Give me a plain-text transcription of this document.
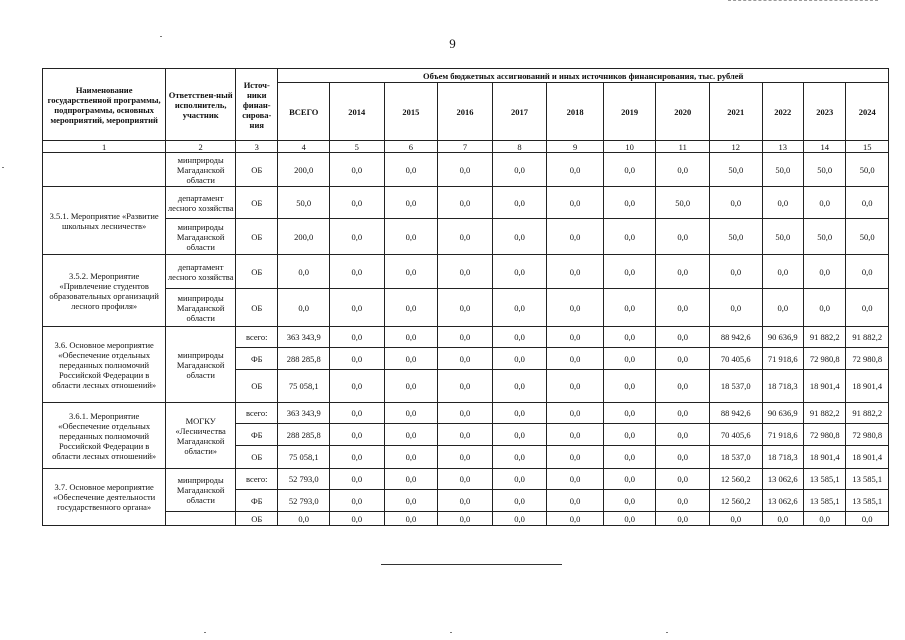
9
Наименование государственной программы, подпрограммы, основных мероприятий, мероприятий	Ответствен-ный исполнитель, участник	Источ-ники финан-сирова-ния	Объем бюджетных ассигнований и иных источников финансирования, тыс. рублей											
			ВСЕГО	2014	2015	2016	2017	2018	2019	2020	2021	2022	2023	2024
1	2	3	4	5	6	7	8	9	10	11	12	13	14	15
	минприроды Магаданской области	ОБ	200,0	0,0	0,0	0,0	0,0	0,0	0,0	0,0	50,0	50,0	50,0	50,0
3.5.1. Мероприятие «Развитие школьных лесничеств»	департамент лесного хозяйства	ОБ	50,0	0,0	0,0	0,0	0,0	0,0	0,0	50,0	0,0	0,0	0,0	0,0
	минприроды Магаданской области	ОБ	200,0	0,0	0,0	0,0	0,0	0,0	0,0	0,0	50,0	50,0	50,0	50,0
3.5.2. Мероприятие «Привлечение студентов образовательных организаций лесного профиля»	департамент лесного хозяйства	ОБ	0,0	0,0	0,0	0,0	0,0	0,0	0,0	0,0	0,0	0,0	0,0	0,0
	минприроды Магаданской области	ОБ	0,0	0,0	0,0	0,0	0,0	0,0	0,0	0,0	0,0	0,0	0,0	0,0
3.6. Основное мероприятие «Обеспечение отдельных переданных полномочий Российской Федерации в области лесных отношений»	минприроды Магаданской области	всего:	363 343,9	0,0	0,0	0,0	0,0	0,0	0,0	0,0	88 942,6	90 636,9	91 882,2	91 882,2
		ФБ	288 285,8	0,0	0,0	0,0	0,0	0,0	0,0	0,0	70 405,6	71 918,6	72 980,8	72 980,8
		ОБ	75 058,1	0,0	0,0	0,0	0,0	0,0	0,0	0,0	18 537,0	18 718,3	18 901,4	18 901,4
3.6.1. Мероприятие «Обеспечение отдельных переданных полномочий Российской Федерации в области лесных отношений»	МОГКУ «Лесничества Магаданской области»	всего:	363 343,9	0,0	0,0	0,0	0,0	0,0	0,0	0,0	88 942,6	90 636,9	91 882,2	91 882,2
		ФБ	288 285,8	0,0	0,0	0,0	0,0	0,0	0,0	0,0	70 405,6	71 918,6	72 980,8	72 980,8
		ОБ	75 058,1	0,0	0,0	0,0	0,0	0,0	0,0	0,0	18 537,0	18 718,3	18 901,4	18 901,4
3.7. Основное мероприятие «Обеспечение деятельности государственного органа»	минприроды Магаданской области	всего:	52 793,0	0,0	0,0	0,0	0,0	0,0	0,0	0,0	12 560,2	13 062,6	13 585,1	13 585,1
		ФБ	52 793,0	0,0	0,0	0,0	0,0	0,0	0,0	0,0	12 560,2	13 062,6	13 585,1	13 585,1
		ОБ	0,0	0,0	0,0	0,0	0,0	0,0	0,0	0,0	0,0	0,0	0,0	0,0
